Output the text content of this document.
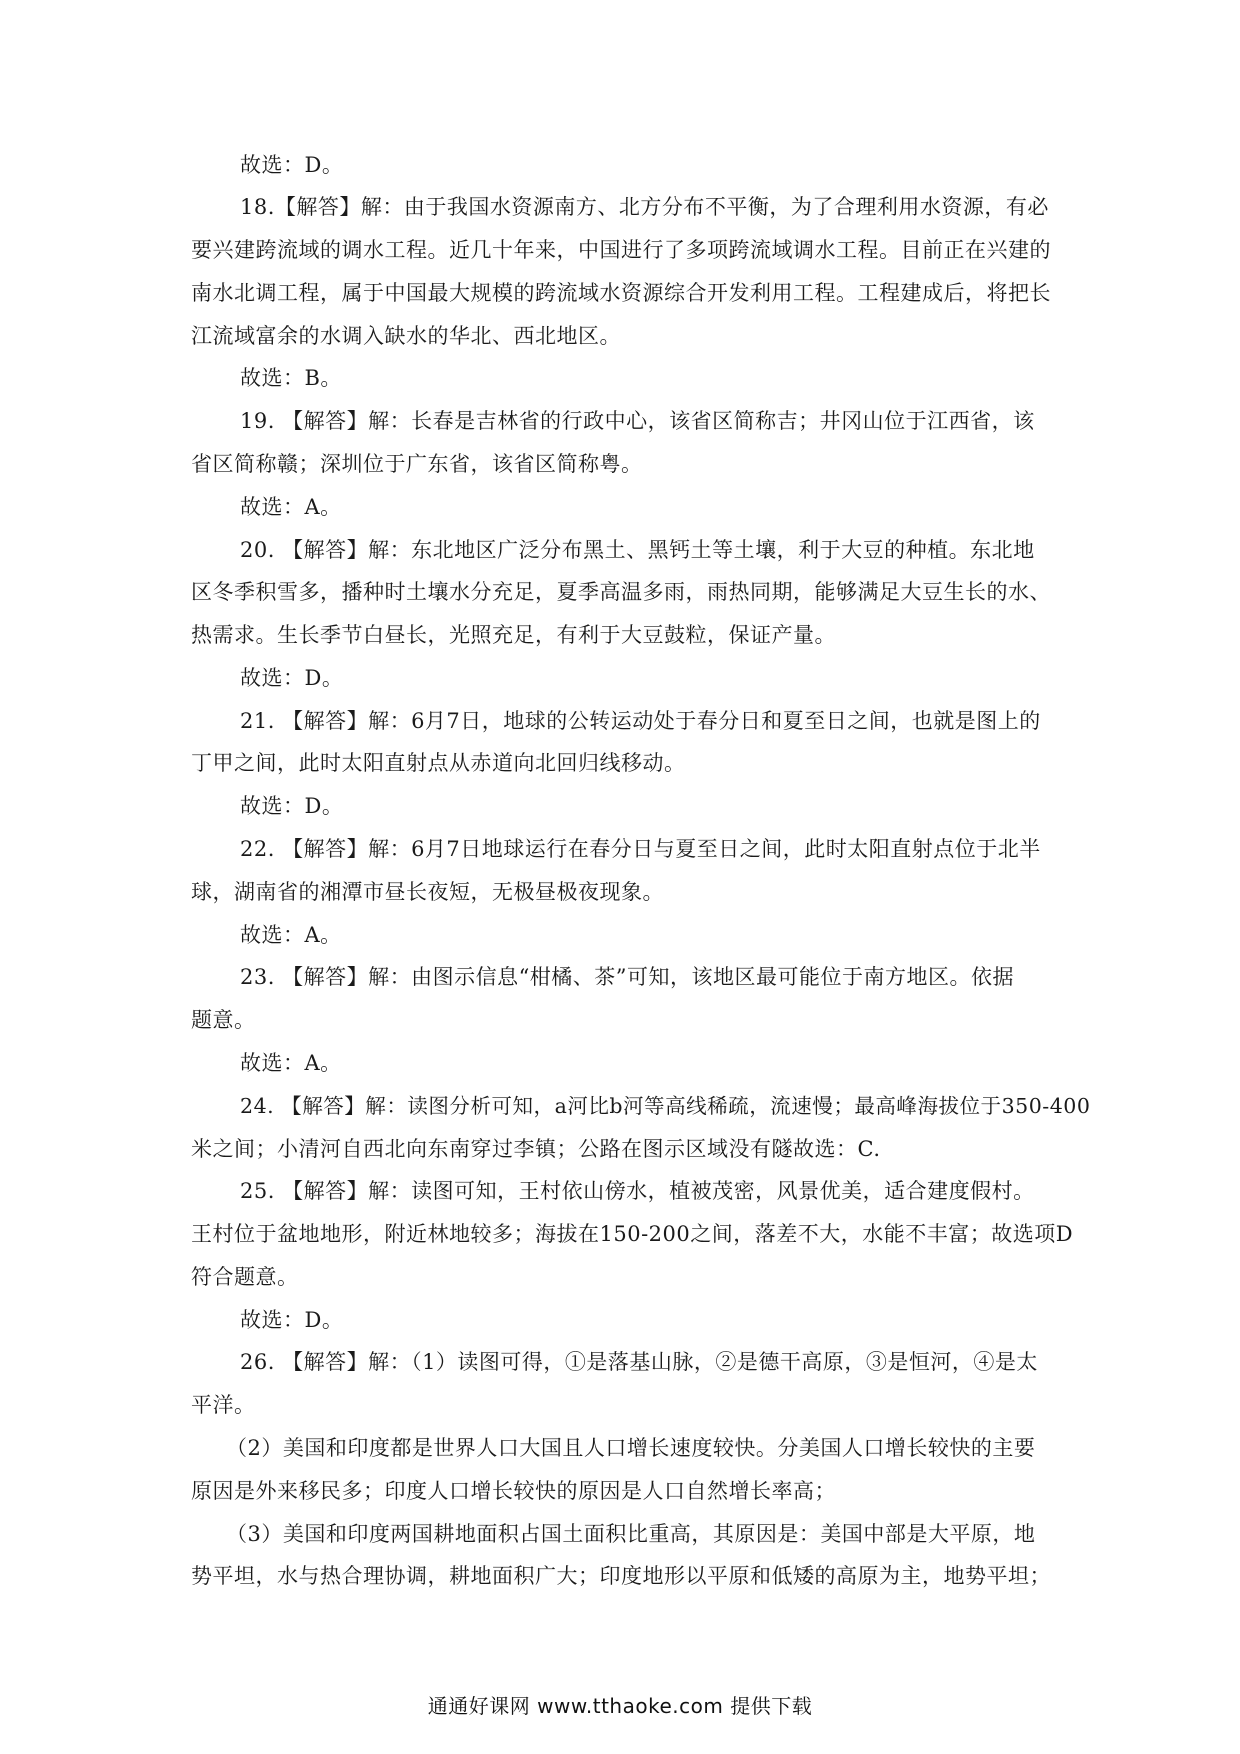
故选：D。
18.【解答】解：由于我国水资源南方、北方分布不平衡，为了合理利用水资源，有必
要兴建跨流域的调水工程。近几十年来，中国进行了多项跨流域调水工程。目前正在兴建的
南水北调工程，属于中国最大规模的跨流域水资源综合开发利用工程。工程建成后，将把长
江流域富余的水调入缺水的华北、西北地区。
故选：B。
19. 【解答】解：长春是吉林省的行政中心，该省区简称吉；井冈山位于江西省，该
省区简称赣；深圳位于广东省，该省区简称粤。
故选：A。
20. 【解答】解：东北地区广泛分布黑土、黑钙土等土壤，利于大豆的种植。东北地
区冬季积雪多，播种时土壤水分充足，夏季高温多雨，雨热同期，能够满足大豆生长的水、
热需求。生长季节白昼长，光照充足，有利于大豆鼓粒，保证产量。
故选：D。
21. 【解答】解：6月7日，地球的公转运动处于春分日和夏至日之间，也就是图上的
丁甲之间，此时太阳直射点从赤道向北回归线移动。
故选：D。
22. 【解答】解：6月7日地球运行在春分日与夏至日之间，此时太阳直射点位于北半
球，湖南省的湘潭市昼长夜短，无极昼极夜现象。
故选：A。
23. 【解答】解：由图示信息“柑橘、茶”可知，该地区最可能位于南方地区。依据
题意。
故选：A。
24. 【解答】解：读图分析可知，a河比b河等高线稀疏，流速慢；最高峰海拔位于350-400
米之间；小清河自西北向东南穿过李镇；公路在图示区域没有隧故选：C.
25. 【解答】解：读图可知，王村依山傍水，植被茂密，风景优美，适合建度假村。
王村位于盆地地形，附近林地较多；海拔在150-200之间，落差不大，水能不丰富；故选项D
符合题意。
故选：D。
26. 【解答】解：（1）读图可得，①是落基山脉，②是德干高原，③是恒河，④是太
平洋。
（2）美国和印度都是世界人口大国且人口增长速度较快。分美国人口增长较快的主要
原因是外来移民多；印度人口增长较快的原因是人口自然增长率高；
（3）美国和印度两国耕地面积占国土面积比重高，其原因是：美国中部是大平原，地
势平坦，水与热合理协调，耕地面积广大；印度地形以平原和低矮的高原为主，地势平坦；
通通好课网 www.tthaoke.com 提供下载
